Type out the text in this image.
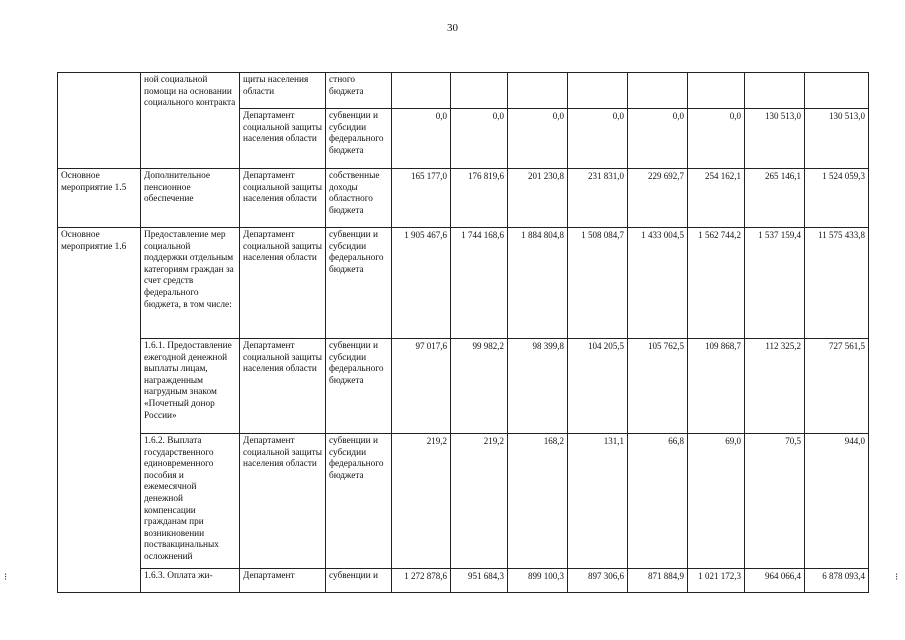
30
⁝	⁝
	ной социальной помощи на основании социального контракта	щиты населения области	стного бюджета								
		Департамент социальной защиты населения области	субвенции и субсидии федерального бюджета	0,0	0,0	0,0	0,0	0,0	0,0	130 513,0	130 513,0
Основное мероприятие 1.5	Дополнительное пенсионное обеспечение	Департамент социальной защиты населения области	собственные доходы областного бюджета	165 177,0	176 819,6	201 230,8	231 831,0	229 692,7	254 162,1	265 146,1	1 524 059,3
Основное мероприятие 1.6	Предоставление мер социальной поддержки отдельным категориям граждан за счет средств федерального бюджета, в том числе:	Департамент социальной защиты населения области	субвенции и субсидии федерального бюджета	1 905 467,6	1 744 168,6	1 884 804,8	1 508 084,7	1 433 004,5	1 562 744,2	1 537 159,4	11 575 433,8
	1.6.1. Предоставление ежегодной денежной выплаты лицам, награжденным нагрудным знаком «Почетный донор России»	Департамент социальной защиты населения области	субвенции и субсидии федерального бюджета	97 017,6	99 982,2	98 399,8	104 205,5	105 762,5	109 868,7	112 325,2	727 561,5
	1.6.2. Выплата государственного единовременного пособия и ежемесячной денежной компенсации гражданам при возникновении поствакцинальных осложнений	Департамент социальной защиты населения области	субвенции и субсидии федерального бюджета	219,2	219,2	168,2	131,1	66,8	69,0	70,5	944,0
	1.6.3. Оплата жи-	Департамент	субвенции и	1 272 878,6	951 684,3	899 100,3	897 306,6	871 884,9	1 021 172,3	964 066,4	6 878 093,4
